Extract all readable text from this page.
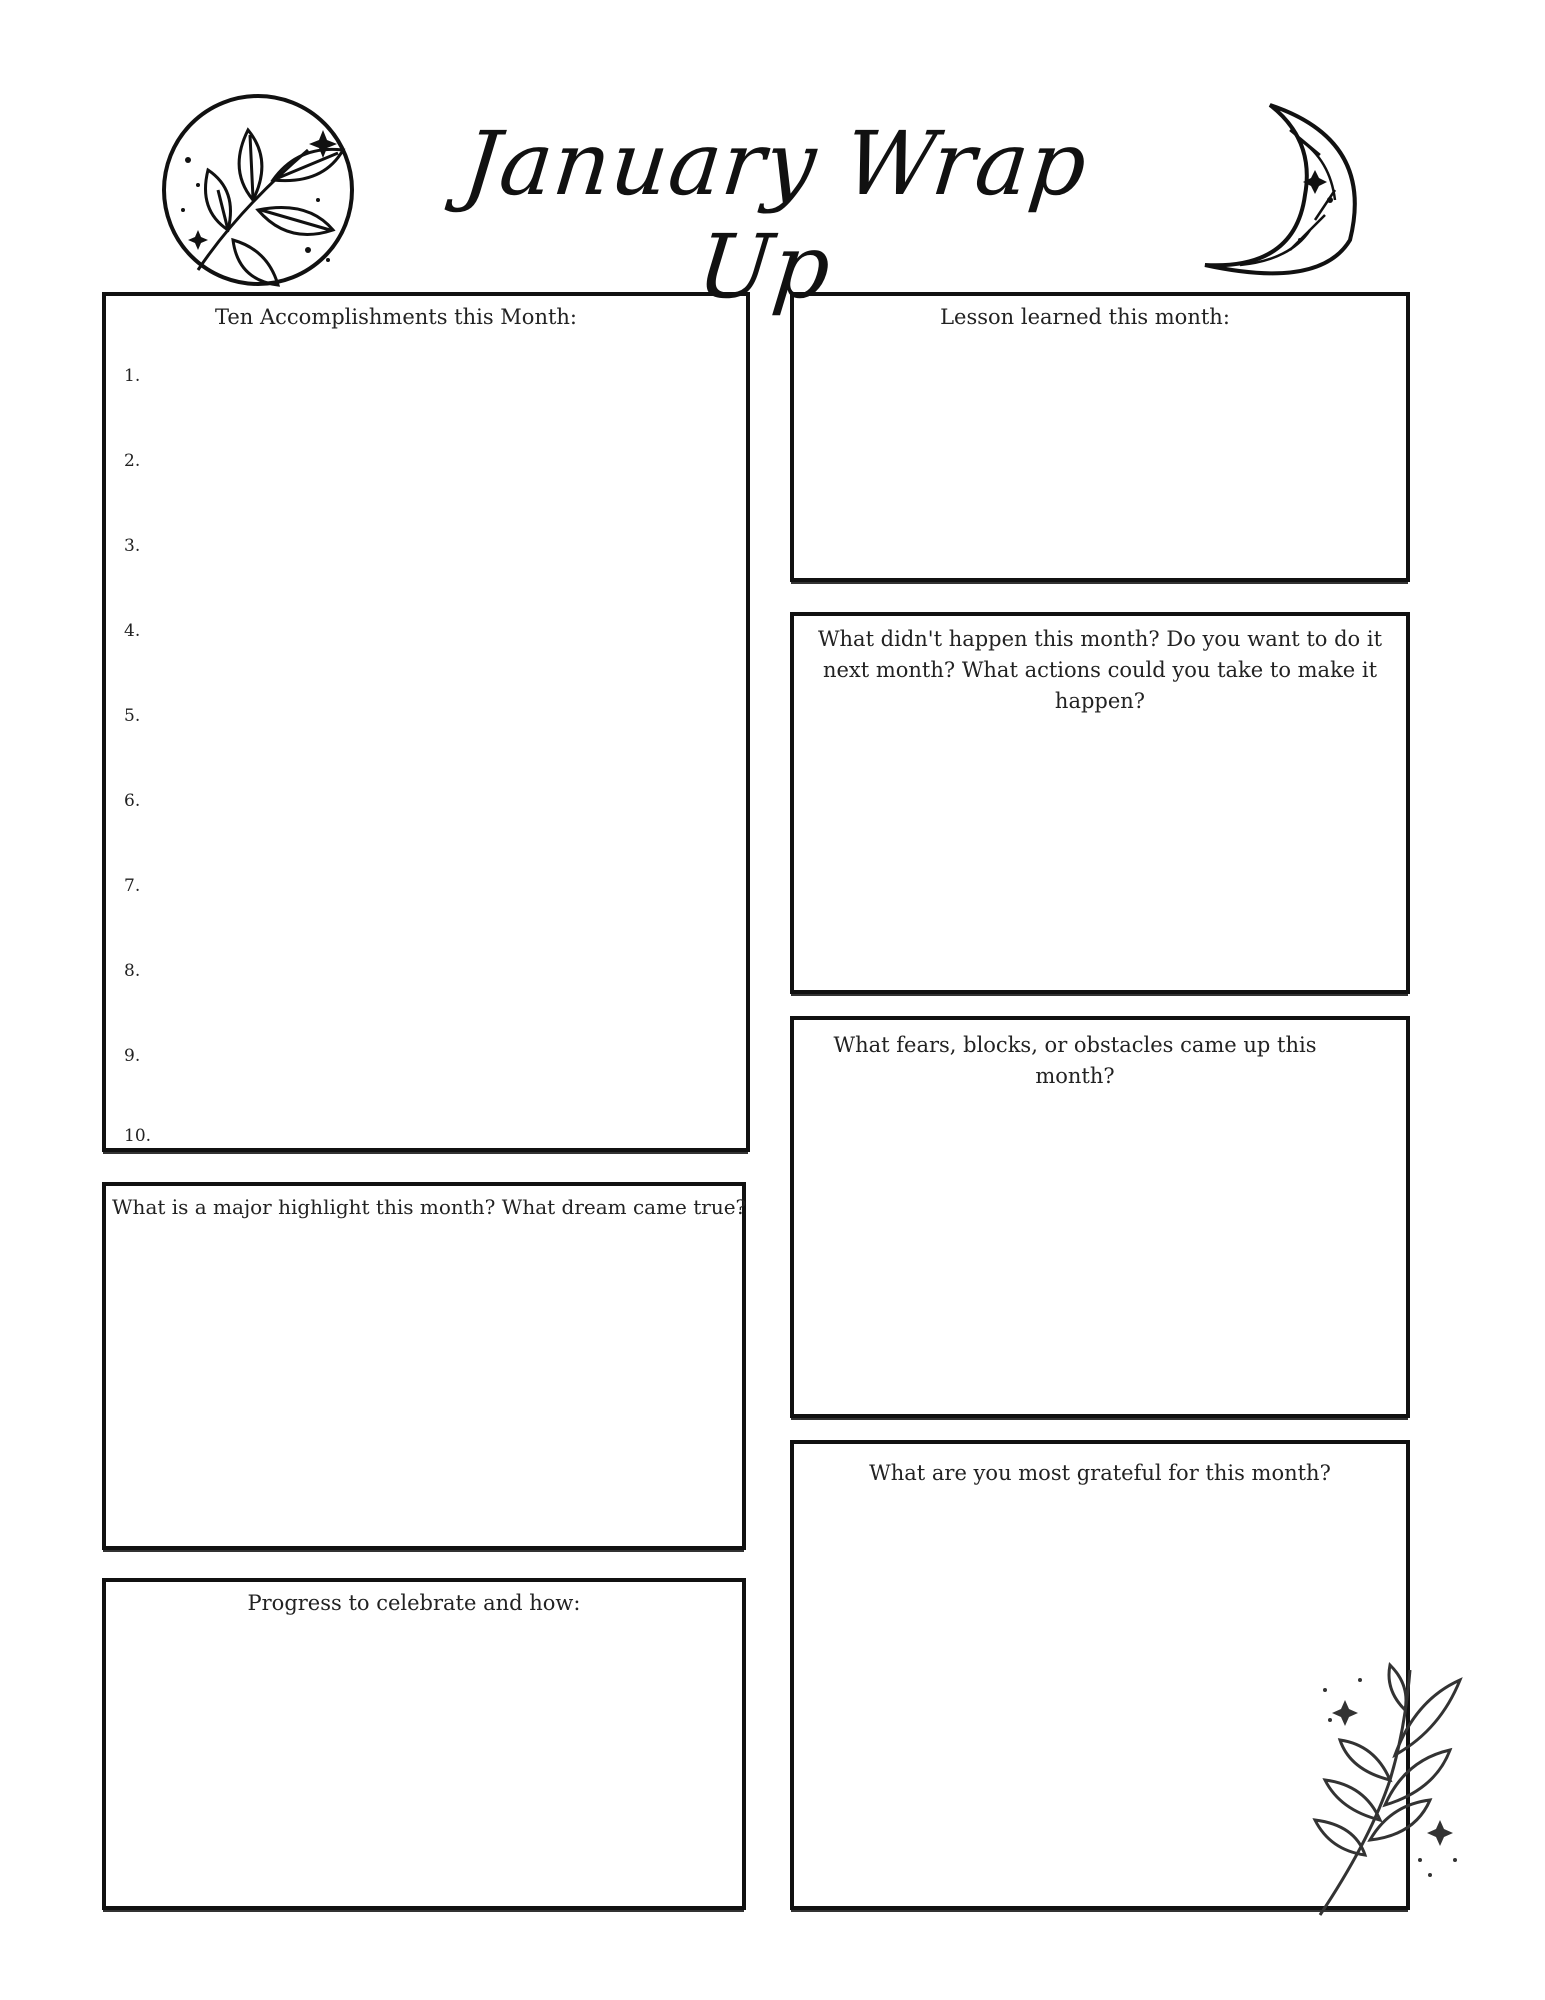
January Wrap Up
Ten Accomplishments this Month:
1.
2.
3.
4.
5.
6.
7.
8.
9.
10.
What is a major highlight this month? What dream came true?
Progress to celebrate and how:
Lesson learned this month:
What didn't happen this month? Do you want to do it next month? What actions could you take to make it happen?
What fears, blocks, or obstacles came up this month?
What are you most grateful for this month?
